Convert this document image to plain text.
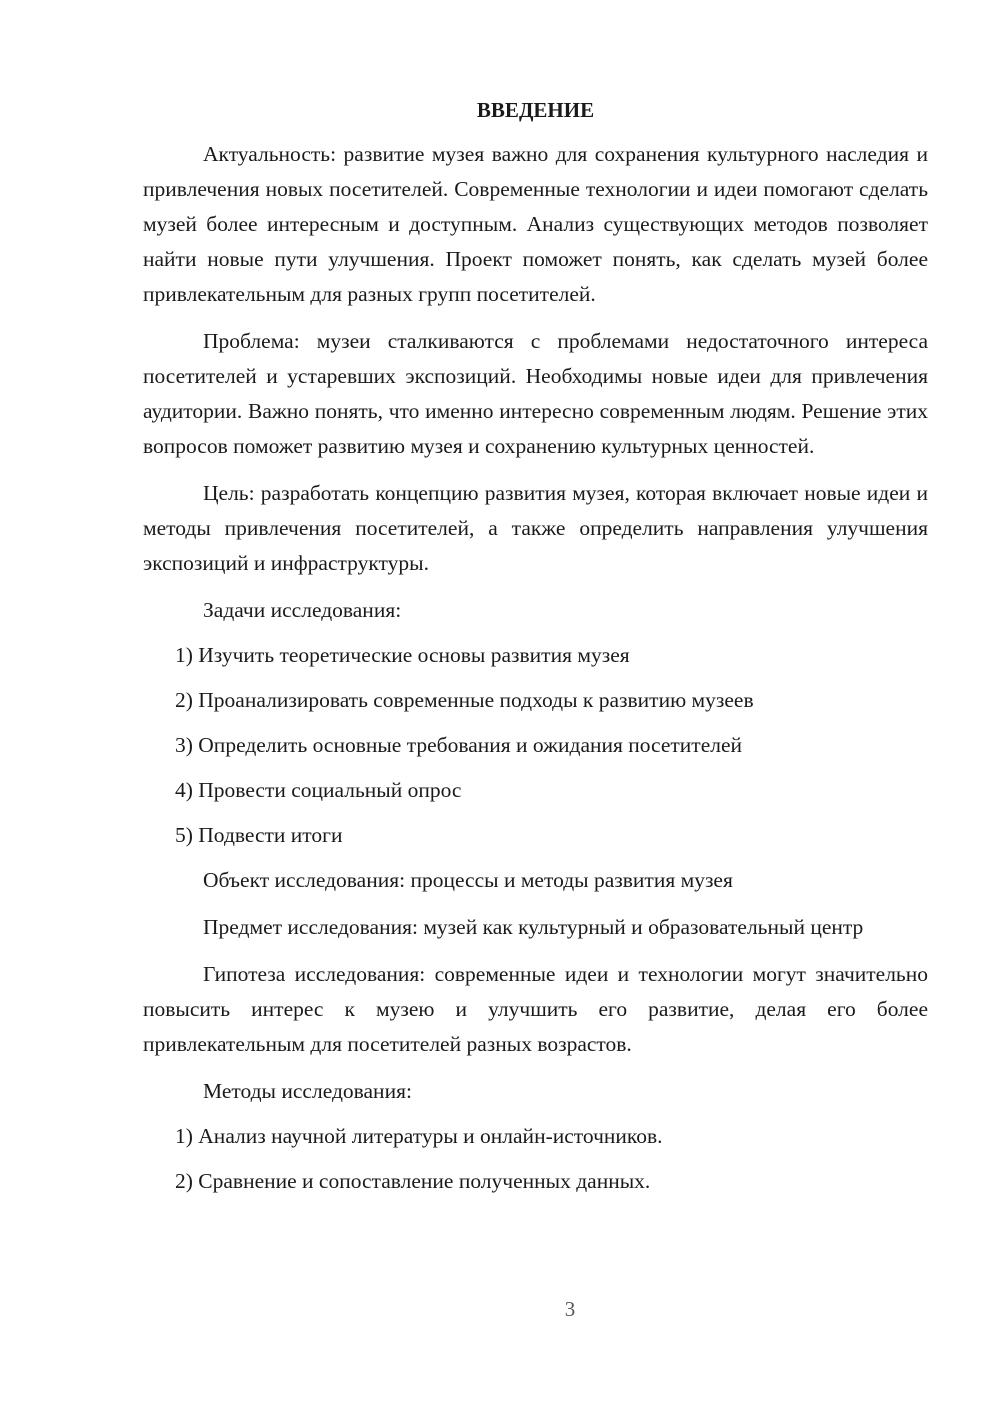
ВВЕДЕНИЕ
Актуальность: развитие музея важно для сохранения культурного наследия и привлечения новых посетителей. Современные технологии и идеи помогают сделать музей более интересным и доступным. Анализ существующих методов позволяет найти новые пути улучшения. Проект поможет понять, как сделать музей более привлекательным для разных групп посетителей.
Проблема: музеи сталкиваются с проблемами недостаточного интереса посетителей и устаревших экспозиций. Необходимы новые идеи для привлечения аудитории. Важно понять, что именно интересно современным людям. Решение этих вопросов поможет развитию музея и сохранению культурных ценностей.
Цель: разработать концепцию развития музея, которая включает новые идеи и методы привлечения посетителей, а также определить направления улучшения экспозиций и инфраструктуры.
Задачи исследования:
1) Изучить теоретические основы развития музея
2) Проанализировать современные подходы к развитию музеев
3) Определить основные требования и ожидания посетителей
4) Провести социальный опрос
5) Подвести итоги
Объект исследования: процессы и методы развития музея
Предмет исследования: музей как культурный и образовательный центр
Гипотеза исследования: современные идеи и технологии могут значительно повысить интерес к музею и улучшить его развитие, делая его более привлекательным для посетителей разных возрастов.
Методы исследования:
1) Анализ научной литературы и онлайн-источников.
2) Сравнение и сопоставление полученных данных.
3
